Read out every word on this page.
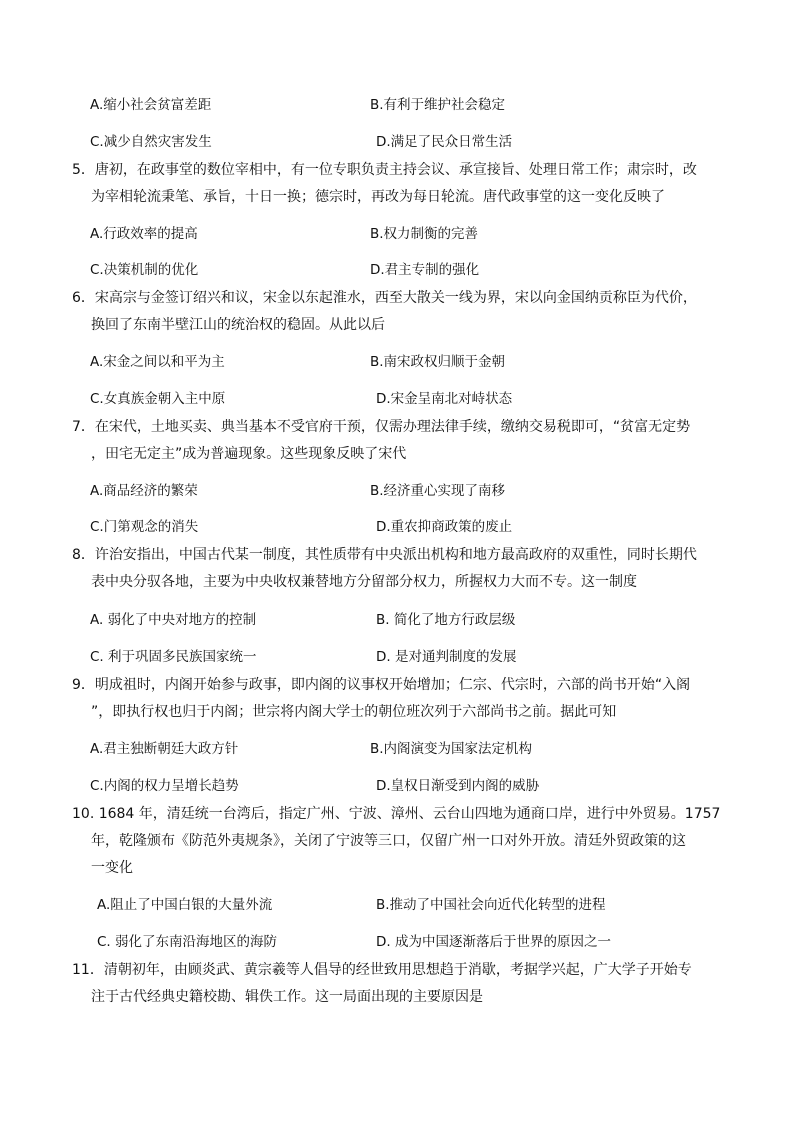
A.缩小社会贫富差距	B.有利于维护社会稳定
C.减少自然灾害发生	D.满足了民众日常生活
5．唐初，在政事堂的数位宰相中，有一位专职负责主持会议、承宣接旨、处理日常工作；肃宗时，改
为宰相轮流秉笔、承旨，十日一换；德宗时，再改为每日轮流。唐代政事堂的这一变化反映了
A.行政效率的提高	B.权力制衡的完善
C.决策机制的优化	D.君主专制的强化
6．宋高宗与金签订绍兴和议，宋金以东起淮水，西至大散关一线为界，宋以向金国纳贡称臣为代价，
换回了东南半壁江山的统治权的稳固。从此以后
A.宋金之间以和平为主	B.南宋政权归顺于金朝
C.女真族金朝入主中原	D.宋金呈南北对峙状态
7．在宋代，土地买卖、典当基本不受官府干预，仅需办理法律手续，缴纳交易税即可，“贫富无定势
，田宅无定主”成为普遍现象。这些现象反映了宋代
A.商品经济的繁荣	B.经济重心实现了南移
C.门第观念的消失	D.重农抑商政策的废止
8．许治安指出，中国古代某一制度，其性质带有中央派出机构和地方最高政府的双重性，同时长期代
表中央分驭各地，主要为中央收权兼替地方分留部分权力，所握权力大而不专。这一制度
A. 弱化了中央对地方的控制	B. 简化了地方行政层级
C. 利于巩固多民族国家统一	D. 是对通判制度的发展
9．明成祖时，内阁开始参与政事，即内阁的议事权开始增加；仁宗、代宗时，六部的尚书开始“入阁
”，即执行权也归于内阁；世宗将内阁大学士的朝位班次列于六部尚书之前。据此可知
A.君主独断朝廷大政方针	B.内阁演变为国家法定机构
C.内阁的权力呈增长趋势	D.皇权日渐受到内阁的威胁
10. 1684 年，清廷统一台湾后，指定广州、宁波、漳州、云台山四地为通商口岸，进行中外贸易。1757
年，乾隆颁布《防范外夷规条》，关闭了宁波等三口，仅留广州一口对外开放。清廷外贸政策的这
一变化
A.阻止了中国白银的大量外流	B.推动了中国社会向近代化转型的进程
C. 弱化了东南沿海地区的海防	D. 成为中国逐渐落后于世界的原因之一
11．清朝初年，由顾炎武、黄宗羲等人倡导的经世致用思想趋于消歇，考据学兴起，广大学子开始专
注于古代经典史籍校勘、辑佚工作。这一局面出现的主要原因是
